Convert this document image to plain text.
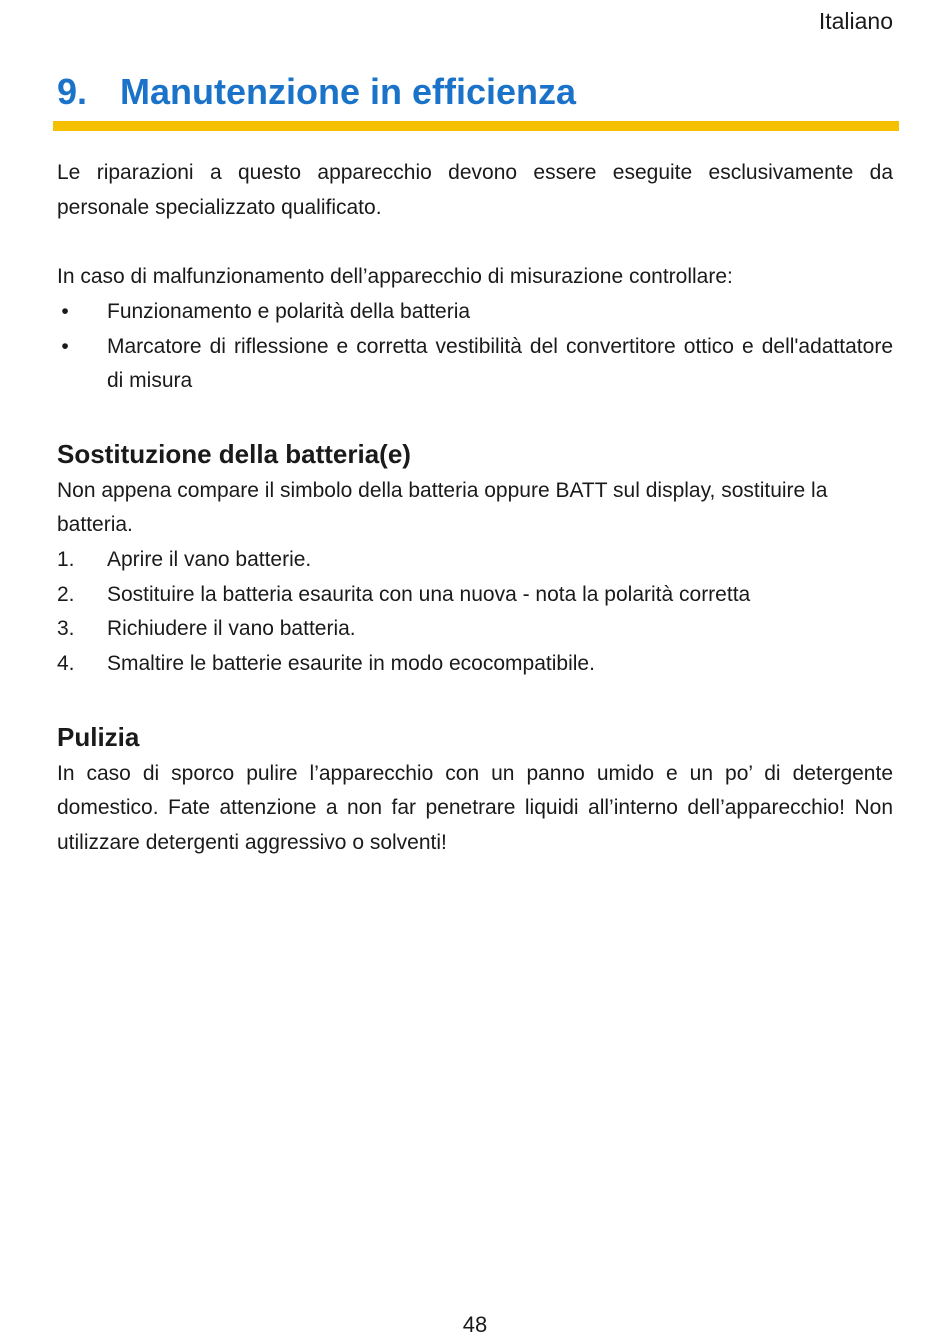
Italiano
9. Manutenzione in efficienza

Le riparazioni a questo apparecchio devono essere eseguite esclusivamente da personale specializzato qualificato.

In caso di malfunzionamento dell’apparecchio di misurazione controllare:

• Funzionamento e polarità della batteria
• Marcatore di riflessione e corretta vestibilità del convertitore ottico e dell'adattatore di misura
Sostituzione della batteria(e)

Non appena compare il simbolo della batteria oppure BATT sul display, sostituire la batteria.

1. Aprire il vano batterie.
2. Sostituire la batteria esaurita con una nuova - nota la polarità corretta
3. Richiudere il vano batteria.
4. Smaltire le batterie esaurite in modo ecocompatibile.
Pulizia

In caso di sporco pulire l’apparecchio con un panno umido e un po’ di detergente domestico. Fate attenzione a non far penetrare liquidi all’interno dell’apparecchio! Non utilizzare detergenti aggressivo o solventi!

48
